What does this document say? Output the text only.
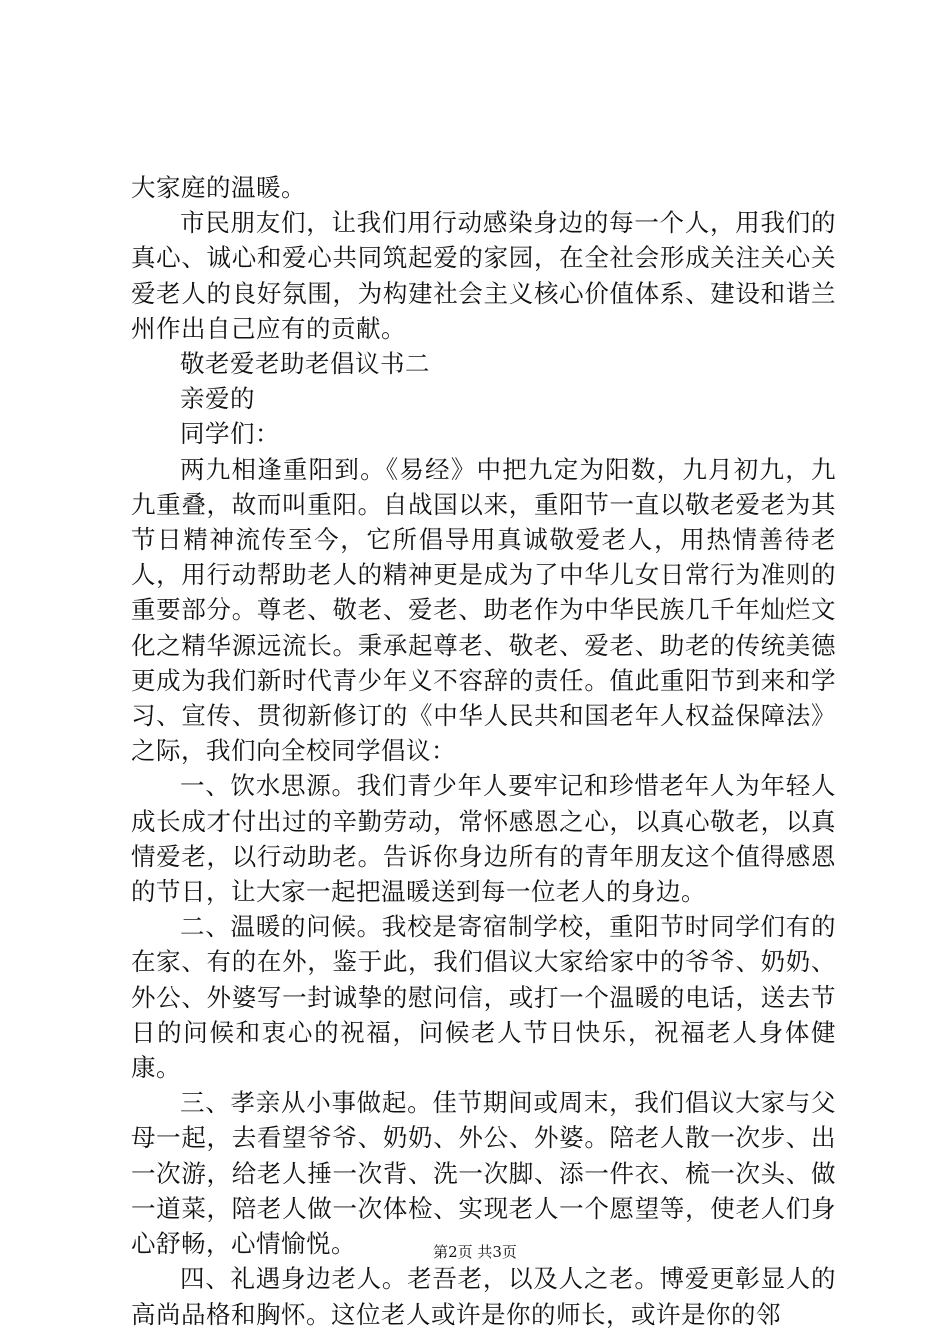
大家庭的温暖。

市民朋友们，让我们用行动感染身边的每一个人，用我们的真心、诚心和爱心共同筑起爱的家园，在全社会形成关注关心关爱老人的良好氛围，为构建社会主义核心价值体系、建设和谐兰州作出自己应有的贡献。

敬老爱老助老倡议书二

亲爱的

同学们：

两九相逢重阳到。《易经》中把九定为阳数，九月初九，九九重叠，故而叫重阳。自战国以来，重阳节一直以敬老爱老为其节日精神流传至今，它所倡导用真诚敬爱老人，用热情善待老人，用行动帮助老人的精神更是成为了中华儿女日常行为准则的重要部分。尊老、敬老、爱老、助老作为中华民族几千年灿烂文化之精华源远流长。秉承起尊老、敬老、爱老、助老的传统美德更成为我们新时代青少年义不容辞的责任。值此重阳节到来和学习、宣传、贯彻新修订的《中华人民共和国老年人权益保障法》之际，我们向全校同学倡议：

一、饮水思源。我们青少年人要牢记和珍惜老年人为年轻人成长成才付出过的辛勤劳动，常怀感恩之心，以真心敬老，以真情爱老，以行动助老。告诉你身边所有的青年朋友这个值得感恩的节日，让大家一起把温暖送到每一位老人的身边。

二、温暖的问候。我校是寄宿制学校，重阳节时同学们有的在家、有的在外，鉴于此，我们倡议大家给家中的爷爷、奶奶、外公、外婆写一封诚挚的慰问信，或打一个温暖的电话，送去节日的问候和衷心的祝福，问候老人节日快乐，祝福老人身体健康。

三、孝亲从小事做起。佳节期间或周末，我们倡议大家与父母一起，去看望爷爷、奶奶、外公、外婆。陪老人散一次步、出一次游，给老人捶一次背、洗一次脚、添一件衣、梳一次头、做一道菜，陪老人做一次体检、实现老人一个愿望等，使老人们身心舒畅，心情愉悦。

四、礼遇身边老人。老吾老，以及人之老。博爱更彰显人的高尚品格和胸怀。这位老人或许是你的师长，或许是你的邻

第2页 共3页
